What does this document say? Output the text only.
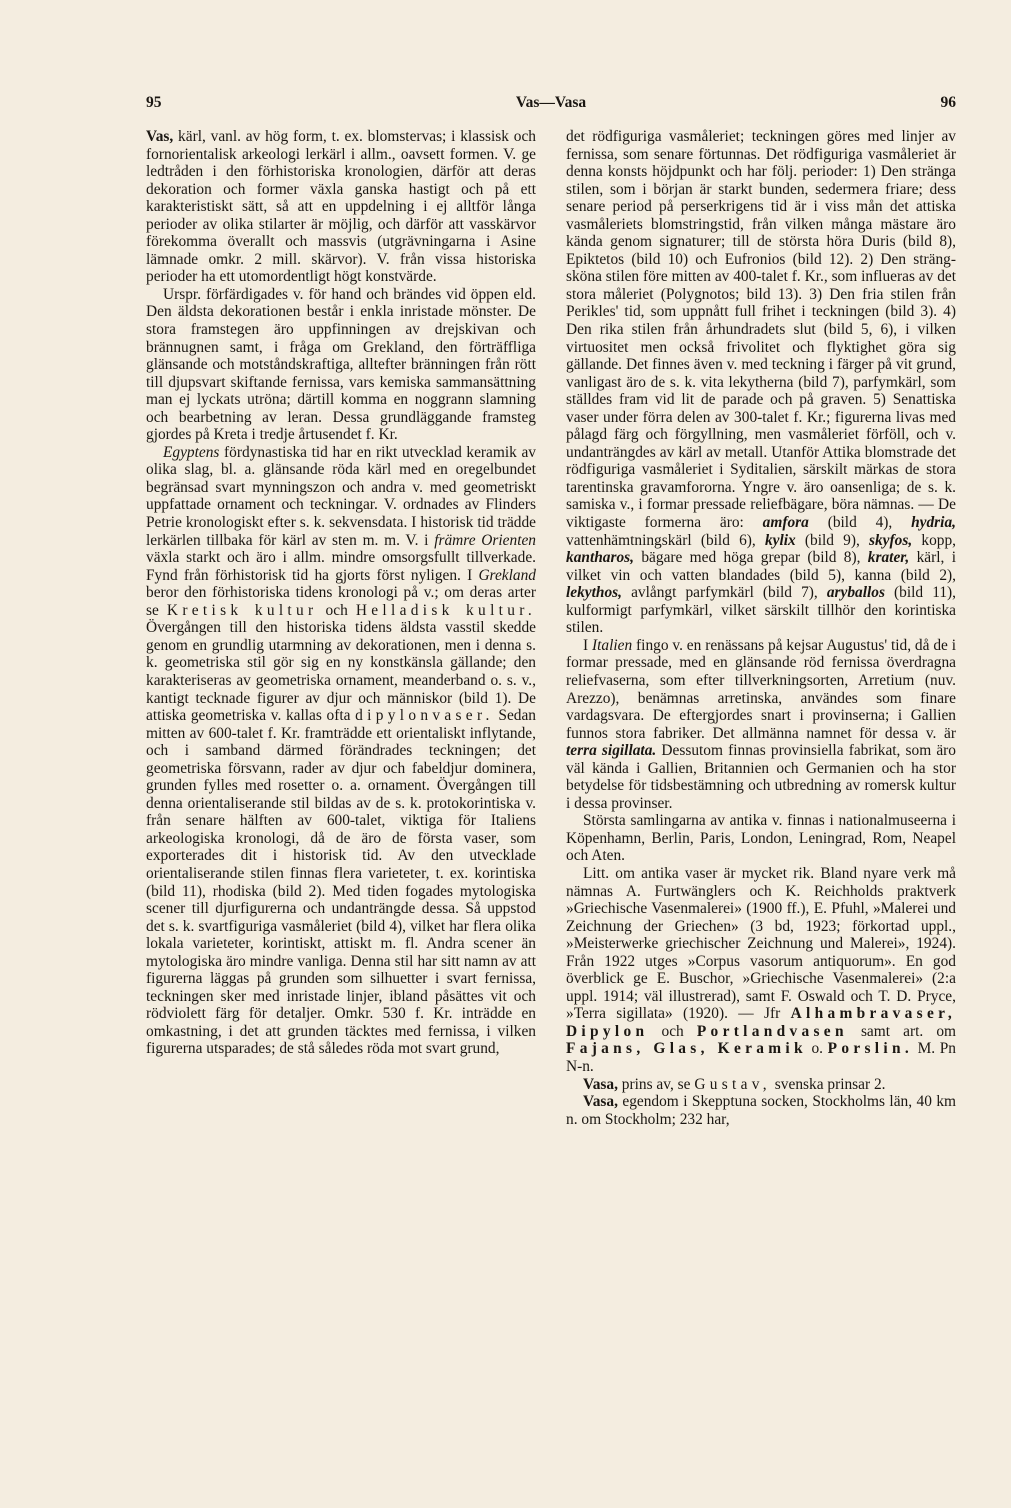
95	Vas—Vasa	96

Vas, kärl, vanl. av hög form, t. ex. blomstervas; i klassisk och fornorientalisk arkeologi lerkärl i allm., oavsett formen. V. ge ledtråden i den förhistoriska kronologien, därför att deras dekoration och former växla ganska hastigt och på ett karakteristiskt sätt, så att en uppdelning i ej alltför långa perioder av olika stilarter är möjlig, och därför att vasskärvor förekomma överallt och massvis (utgrävningarna i Asine lämnade omkr. 2 mill. skärvor). V. från vissa historiska perioder ha ett utomordentligt högt konstvärde.

Urspr. förfärdigades v. för hand och brändes vid öppen eld. Den äldsta dekorationen består i enkla inristade mönster. De stora framstegen äro uppfinningen av drejskivan och brännugnen samt, i fråga om Grekland, den förträffliga glänsande och motståndskraftiga, alltefter bränningen från rött till djupsvart skiftande fernissa, vars kemiska sammansättning man ej lyckats utröna; därtill komma en noggrann slamning och bearbetning av leran. Dessa grundläggande framsteg gjordes på Kreta i tredje årtusendet f. Kr.

Egyptens fördynastiska tid har en rikt utvecklad keramik av olika slag, bl. a. glänsande röda kärl med en oregelbundet begränsad svart mynningszon och andra v. med geometriskt uppfattade ornament och teckningar. V. ordnades av Flinders Petrie kronologiskt efter s. k. sekvensdata. I historisk tid trädde lerkärlen tillbaka för kärl av sten m. m. V. i främre Orienten växla starkt och äro i allm. mindre omsorgsfullt tillverkade. Fynd från förhistorisk tid ha gjorts först nyligen. I Grekland beror den förhistoriska tidens kronologi på v.; om deras arter se Kretisk kultur och Helladisk kultur. Övergången till den historiska tidens äldsta vasstil skedde genom en grundlig utarmning av dekorationen, men i denna s. k. geometriska stil gör sig en ny konstkänsla gällande; den karakteriseras av geometriska ornament, meanderband o. s. v., kantigt tecknade figurer av djur och människor (bild 1). De attiska geometriska v. kallas ofta dipylonvaser. Sedan mitten av 600-talet f. Kr. framträdde ett orientaliskt inflytande, och i samband därmed förändrades teckningen; det geometriska försvann, rader av djur och fabeldjur dominera, grunden fylles med rosetter o. a. ornament. Övergången till denna orientaliserande stil bildas av de s. k. protokorintiska v. från senare hälften av 600-talet, viktiga för Italiens arkeologiska kronologi, då de äro de första vaser, som exporterades dit i historisk tid. Av den utvecklade orientaliserande stilen finnas flera varieteter, t. ex. korintiska (bild 11), rhodiska (bild 2). Med tiden fogades mytologiska scener till djurfigurerna och undanträngde dessa. Så uppstod det s. k. svartfiguriga vasmåleriet (bild 4), vilket har flera olika lokala varieteter, korintiskt, attiskt m. fl. Andra scener än mytologiska äro mindre vanliga. Denna stil har sitt namn av att figurerna läggas på grunden som silhuetter i svart fernissa, teckningen sker med inristade linjer, ibland påsättes vit och rödviolett färg för detaljer. Omkr. 530 f. Kr. inträdde en omkastning, i det att grunden täcktes med fernissa, i vilken figurerna utsparades; de stå således röda mot svart grund,

det rödfiguriga vasmåleriet; teckningen göres med linjer av fernissa, som senare förtunnas. Det rödfiguriga vasmåleriet är denna konsts höjdpunkt och har följ. perioder: 1) Den stränga stilen, som i början är starkt bunden, sedermera friare; dess senare period på perserkrigens tid är i viss mån det attiska vasmåleriets blomstringstid, från vilken många mästare äro kända genom signaturer; till de största höra Duris (bild 8), Epiktetos (bild 10) och Eufronios (bild 12). 2) Den sträng-sköna stilen före mitten av 400-talet f. Kr., som influeras av det stora måleriet (Polygnotos; bild 13). 3) Den fria stilen från Perikles' tid, som uppnått full frihet i teckningen (bild 3). 4) Den rika stilen från århundradets slut (bild 5, 6), i vilken virtuositet men också frivolitet och flyktighet göra sig gällande. Det finnes även v. med teckning i färger på vit grund, vanligast äro de s. k. vita lekytherna (bild 7), parfymkärl, som ställdes fram vid lit de parade och på graven. 5) Senattiska vaser under förra delen av 300-talet f. Kr.; figurerna livas med pålagd färg och förgyllning, men vasmåleriet förföll, och v. undanträngdes av kärl av metall. Utanför Attika blomstrade det rödfiguriga vasmåleriet i Syditalien, särskilt märkas de stora tarentinska gravamfororna. Yngre v. äro oansenliga; de s. k. samiska v., i formar pressade reliefbägare, böra nämnas. — De viktigaste formerna äro: amfora (bild 4), hydria, vattenhämtningskärl (bild 6), kylix (bild 9), skyfos, kopp, kantharos, bägare med höga grepar (bild 8), krater, kärl, i vilket vin och vatten blandades (bild 5), kanna (bild 2), lekythos, avlångt parfymkärl (bild 7), aryballos (bild 11), kulformigt parfymkärl, vilket särskilt tillhör den korintiska stilen.

I Italien fingo v. en renässans på kejsar Augustus' tid, då de i formar pressade, med en glänsande röd fernissa överdragna reliefvaserna, som efter tillverkningsorten, Arretium (nuv. Arezzo), benämnas arretinska, användes som finare vardagsvara. De eftergjordes snart i provinserna; i Gallien funnos stora fabriker. Det allmänna namnet för dessa v. är terra sigillata. Dessutom finnas provinsiella fabrikat, som äro väl kända i Gallien, Britannien och Germanien och ha stor betydelse för tidsbestämning och utbredning av romersk kultur i dessa provinser.

Största samlingarna av antika v. finnas i nationalmuseerna i Köpenhamn, Berlin, Paris, London, Leningrad, Rom, Neapel och Aten.

Litt. om antika vaser är mycket rik. Bland nyare verk må nämnas A. Furtwänglers och K. Reichholds praktverk »Griechische Vasenmalerei» (1900 ff.), E. Pfuhl, »Malerei und Zeichnung der Griechen» (3 bd, 1923; förkortad uppl., »Meisterwerke griechischer Zeichnung und Malerei», 1924). Från 1922 utges »Corpus vasorum antiquorum». En god överblick ge E. Buschor, »Griechische Vasenmalerei» (2:a uppl. 1914; väl illustrerad), samt F. Oswald och T. D. Pryce, »Terra sigillata» (1920). — Jfr Alhambravaser, Dipylon och Portlandvasen samt art. om Fajans, Glas, Keramik o. Porslin. M. Pn N-n.

Vasa, prins av, se Gustav, svenska prinsar 2.

Vasa, egendom i Skepptuna socken, Stockholms län, 40 km n. om Stockholm; 232 har,
